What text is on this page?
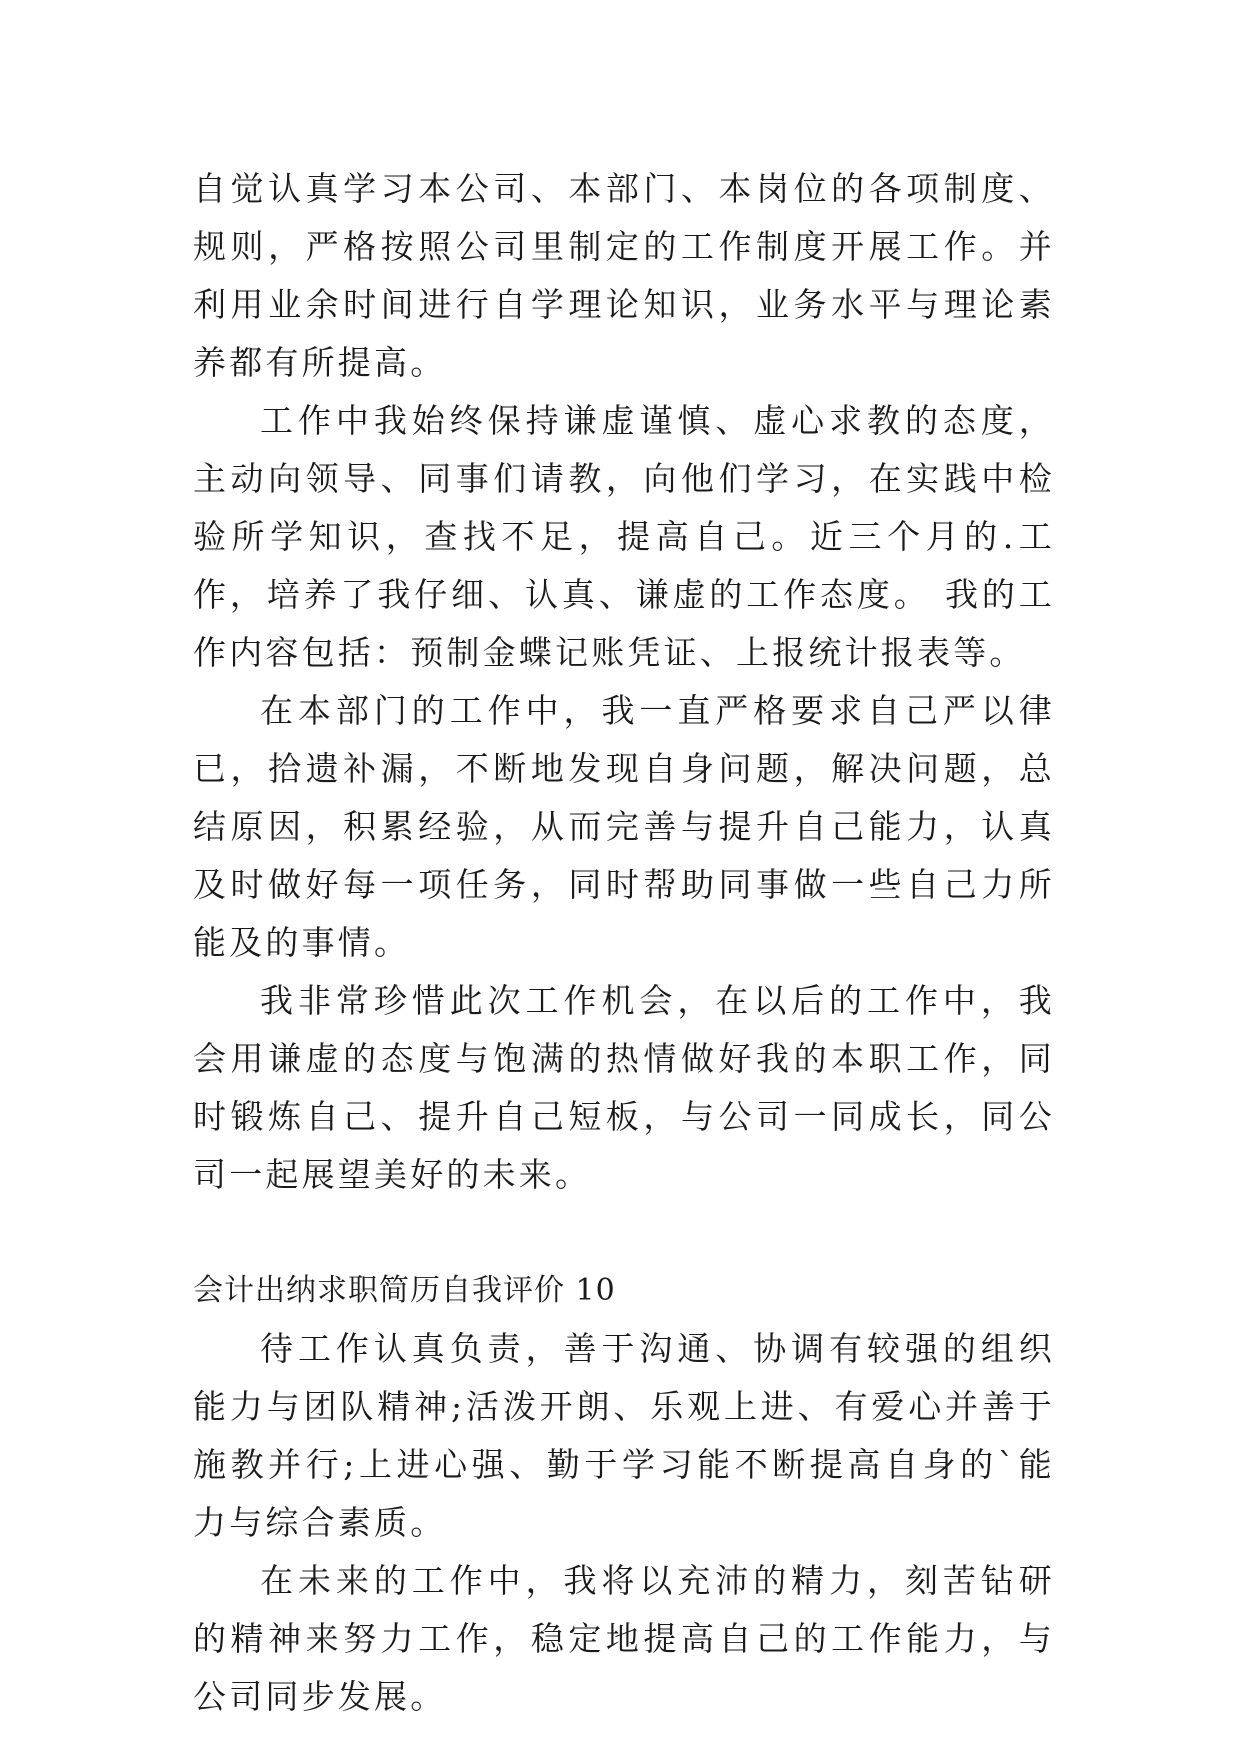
自觉认真学习本公司、本部门、本岗位的各项制度、规则，严格按照公司里制定的工作制度开展工作。并利用业余时间进行自学理论知识，业务水平与理论素养都有所提高。

工作中我始终保持谦虚谨慎、虚心求教的态度，主动向领导、同事们请教，向他们学习，在实践中检验所学知识，查找不足，提高自己。近三个月的.工作，培养了我仔细、认真、谦虚的工作态度。 我的工作内容包括：预制金蝶记账凭证、上报统计报表等。

在本部门的工作中，我一直严格要求自己严以律已，拾遗补漏，不断地发现自身问题，解决问题，总结原因，积累经验，从而完善与提升自己能力，认真及时做好每一项任务，同时帮助同事做一些自己力所能及的事情。

我非常珍惜此次工作机会，在以后的工作中，我会用谦虚的态度与饱满的热情做好我的本职工作，同时锻炼自己、提升自己短板，与公司一同成长，同公司一起展望美好的未来。

会计出纳求职简历自我评价 10

待工作认真负责，善于沟通、协调有较强的组织能力与团队精神;活泼开朗、乐观上进、有爱心并善于施教并行;上进心强、勤于学习能不断提高自身的`能力与综合素质。

在未来的工作中，我将以充沛的精力，刻苦钻研的精神来努力工作，稳定地提高自己的工作能力，与公司同步发展。
